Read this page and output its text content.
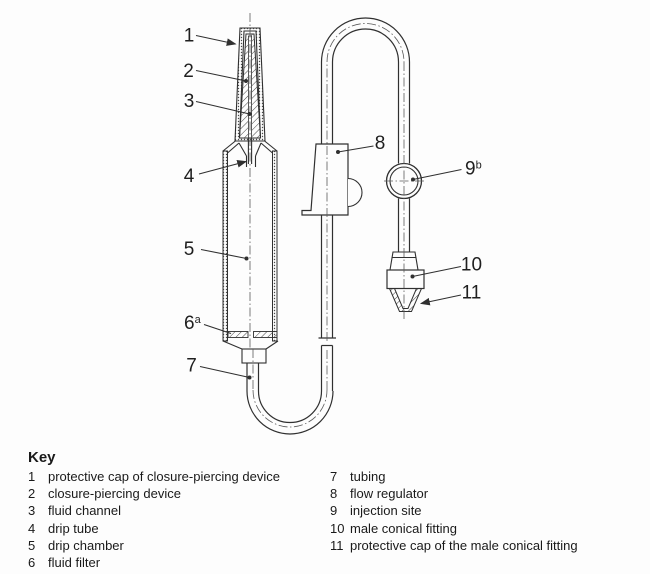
1
2
3
4
5
6$^a$
7
8
9$^b$
10
11
Key
1 protective cap of closure-piercing device
2 closure-piercing device
3 fluid channel
4 drip tube
5 drip chamber
6 fluid filter
7 tubing
8 flow regulator
9 injection site
10 male conical fitting
11 protective cap of the male conical fitting
